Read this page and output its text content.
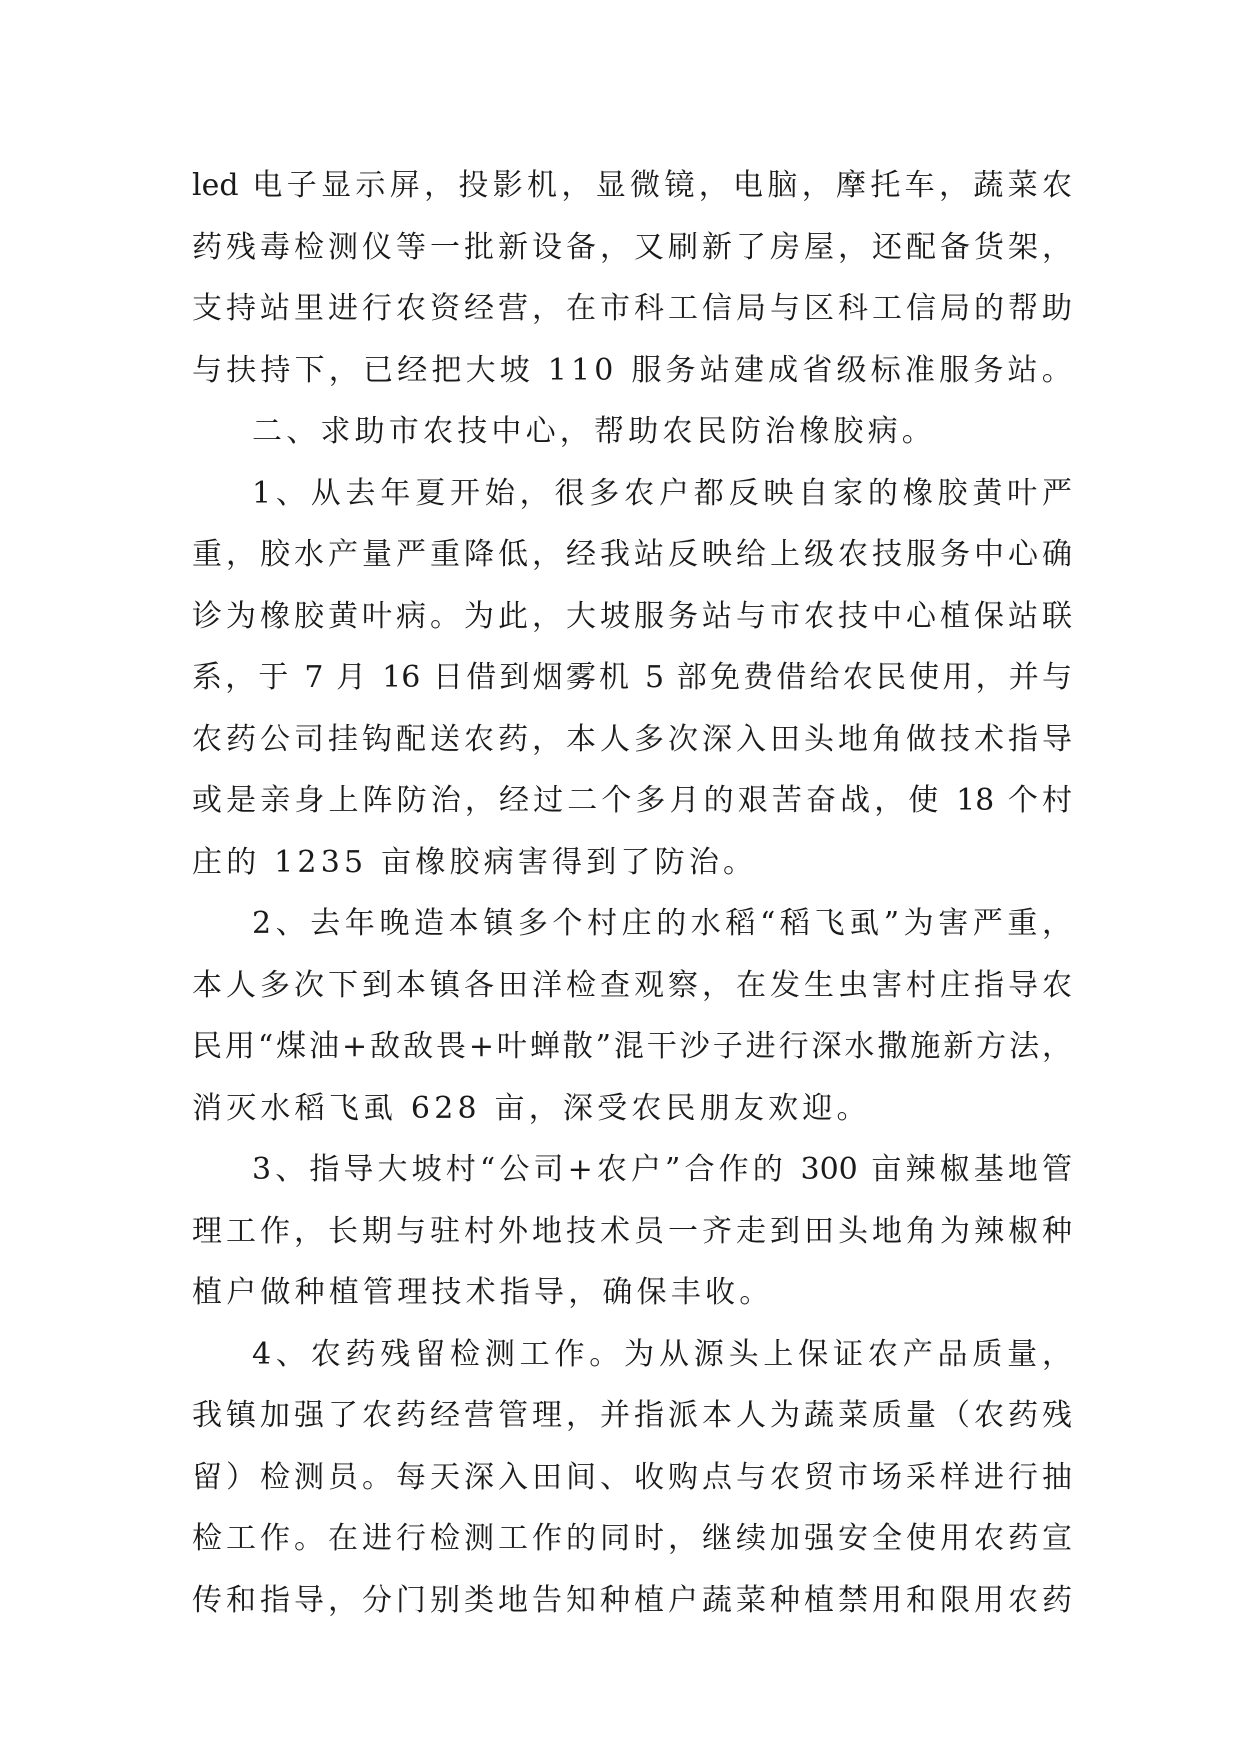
led 电子显示屏，投影机，显微镜，电脑，摩托车，蔬菜农
药残毒检测仪等一批新设备，又刷新了房屋，还配备货架，
支持站里进行农资经营，在市科工信局与区科工信局的帮助
与扶持下，已经把大坡 110 服务站建成省级标准服务站。
二、求助市农技中心，帮助农民防治橡胶病。
1、从去年夏开始，很多农户都反映自家的橡胶黄叶严
重，胶水产量严重降低，经我站反映给上级农技服务中心确
诊为橡胶黄叶病。为此，大坡服务站与市农技中心植保站联
系，于 7 月 16 日借到烟雾机 5 部免费借给农民使用，并与
农药公司挂钩配送农药，本人多次深入田头地角做技术指导
或是亲身上阵防治，经过二个多月的艰苦奋战，使 18 个村
庄的 1235 亩橡胶病害得到了防治。
2、去年晚造本镇多个村庄的水稻“稻飞虱”为害严重，
本人多次下到本镇各田洋检查观察，在发生虫害村庄指导农
民用“煤油+敌敌畏+叶蝉散”混干沙子进行深水撒施新方法，
消灭水稻飞虱 628 亩，深受农民朋友欢迎。
3、指导大坡村“公司+农户”合作的 300 亩辣椒基地管
理工作，长期与驻村外地技术员一齐走到田头地角为辣椒种
植户做种植管理技术指导，确保丰收。
4、农药残留检测工作。为从源头上保证农产品质量，
我镇加强了农药经营管理，并指派本人为蔬菜质量（农药残
留）检测员。每天深入田间、收购点与农贸市场采样进行抽
检工作。在进行检测工作的同时，继续加强安全使用农药宣
传和指导，分门别类地告知种植户蔬菜种植禁用和限用农药
